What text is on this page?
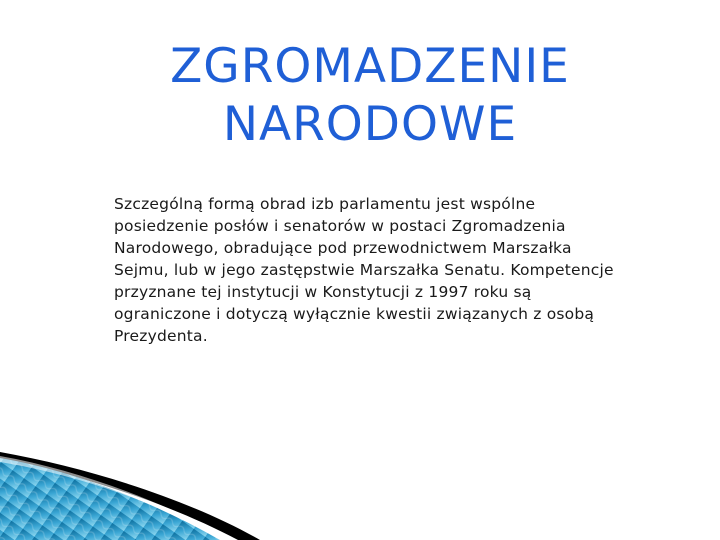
ZGROMADZENIE
NARODOWE

Szczególną formą obrad izb parlamentu jest wspólne posiedzenie posłów i senatorów w postaci Zgromadzenia Narodowego, obradujące pod przewodnictwem Marszałka Sejmu, lub w jego zastępstwie Marszałka Senatu. Kompetencje przyznane tej instytucji w Konstytucji z 1997 roku są ograniczone i dotyczą wyłącznie kwestii związanych z osobą Prezydenta.
